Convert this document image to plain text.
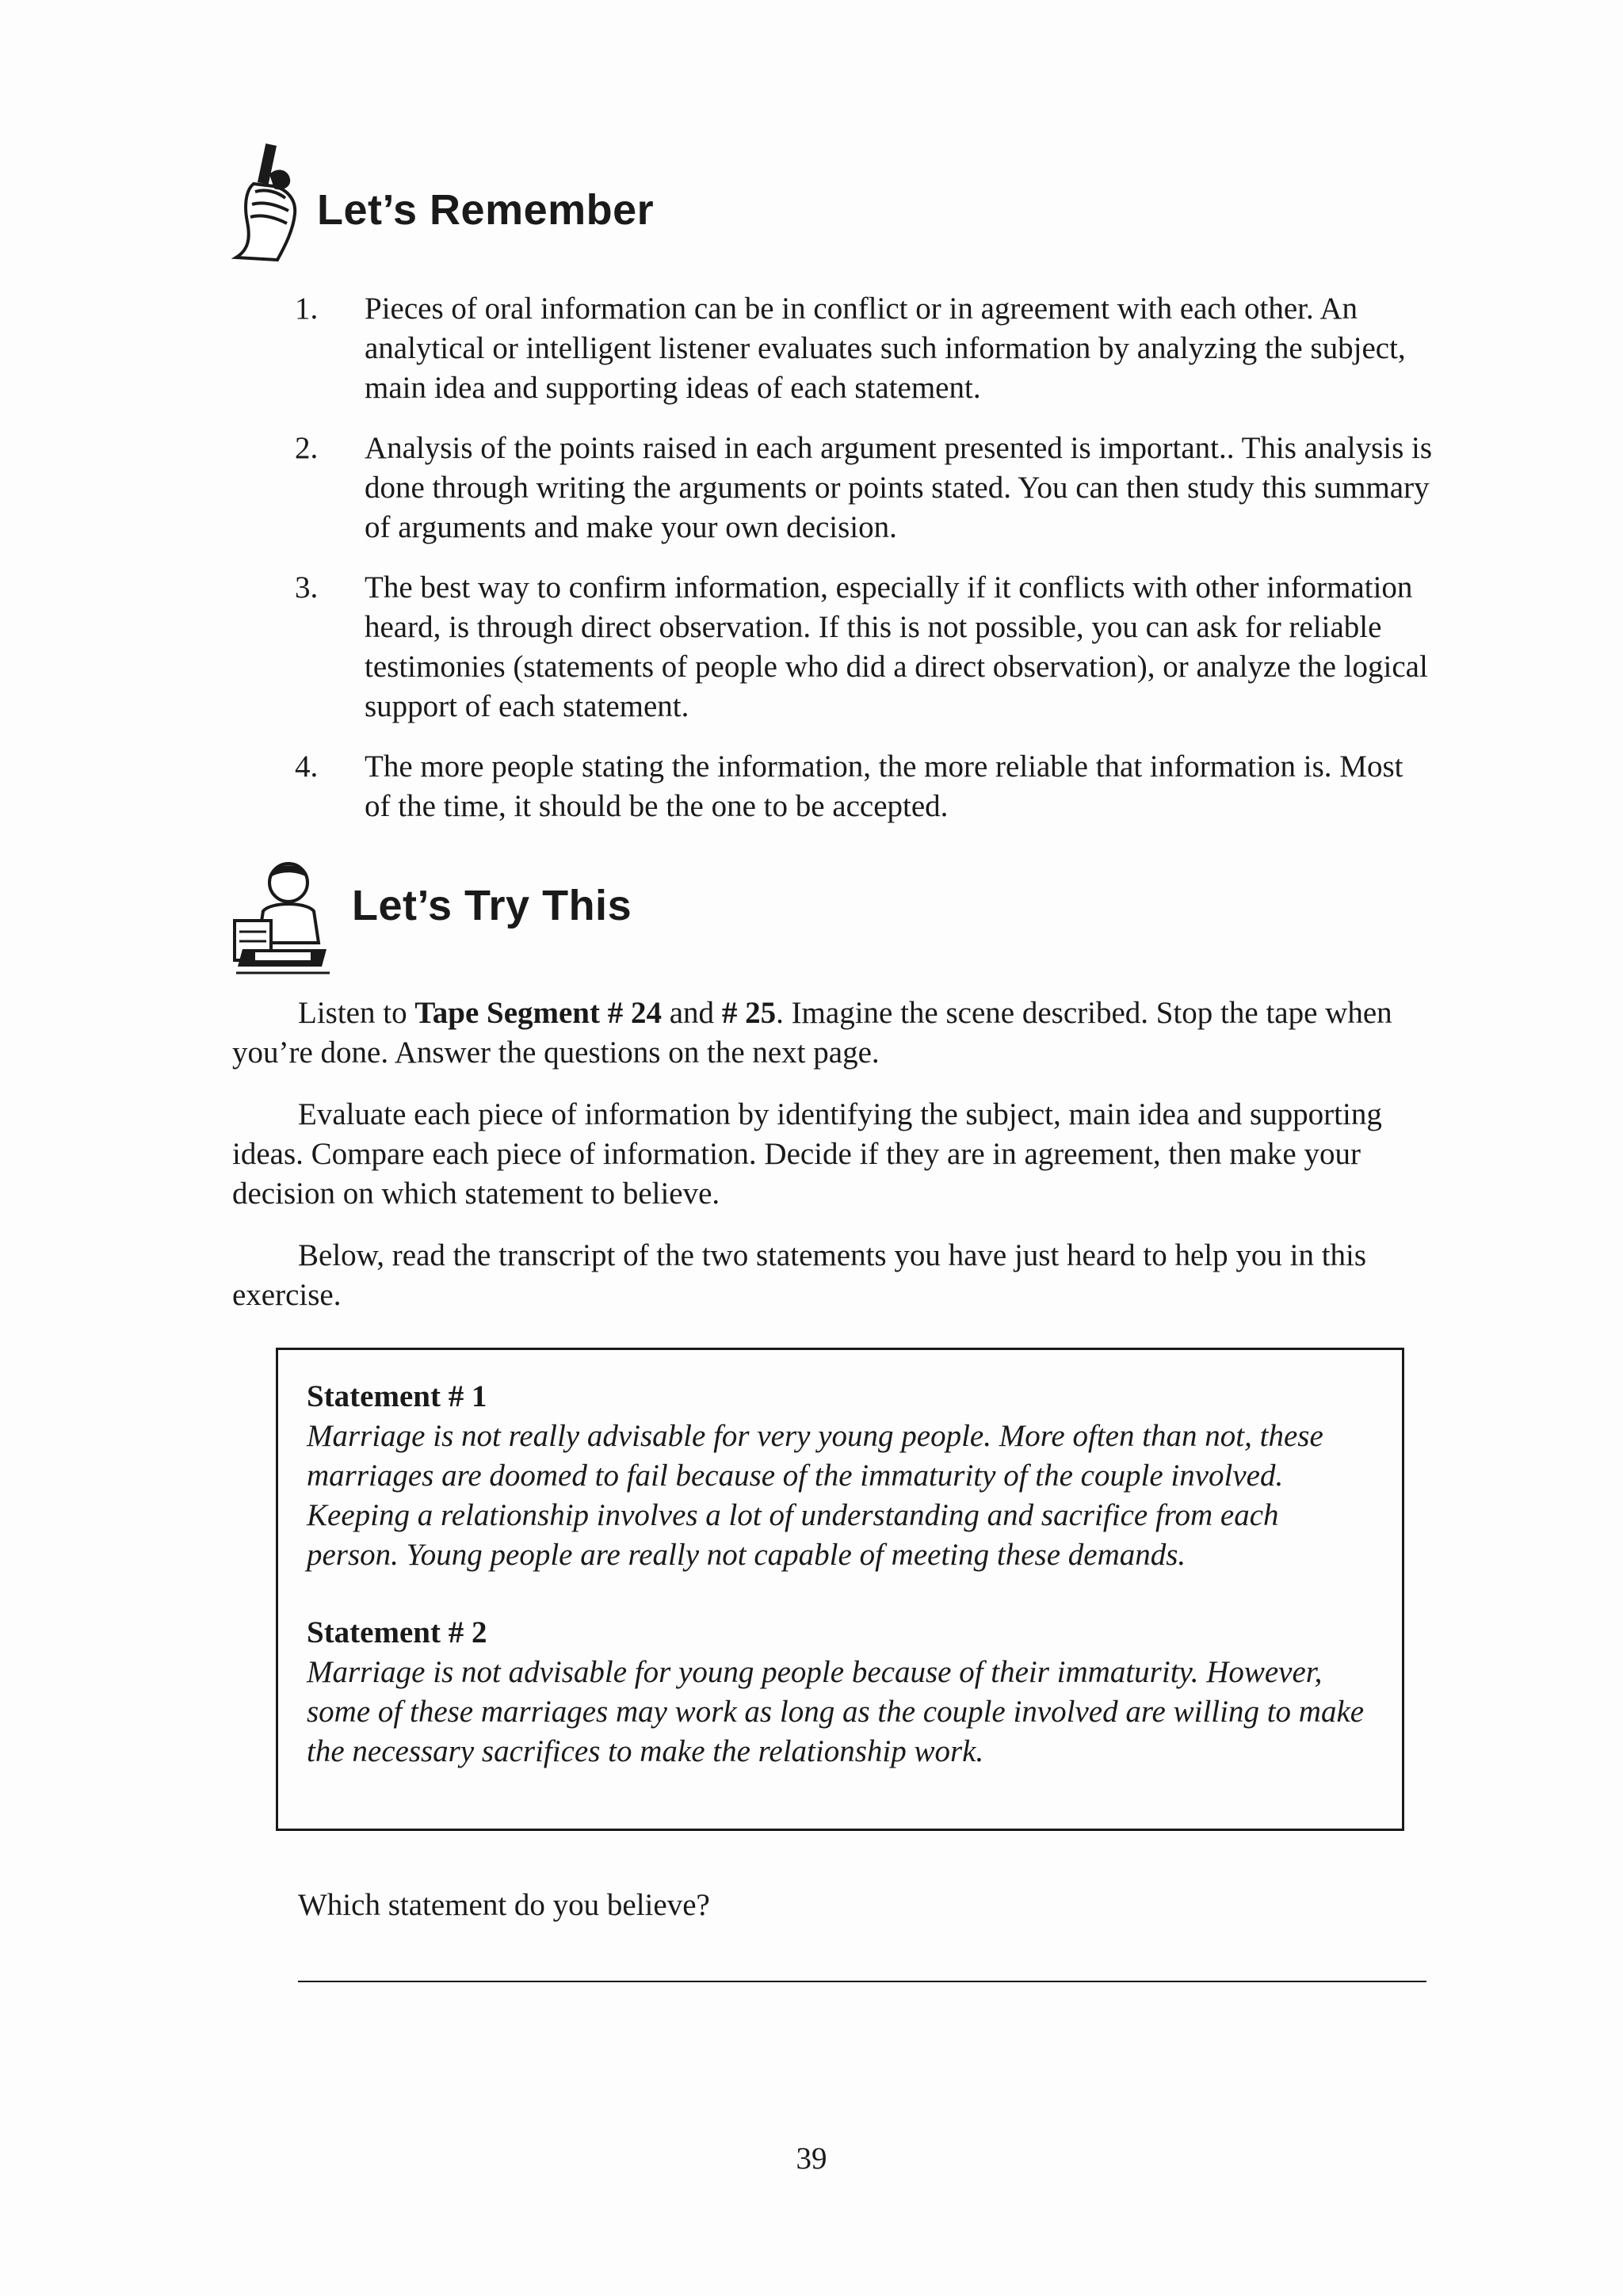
Let’s Remember
1. Pieces of oral information can be in conflict or in agreement with each other. An analytical or intelligent listener evaluates such information by analyzing the subject, main idea and supporting ideas of each statement.
2. Analysis of the points raised in each argument presented is important.. This analysis is done through writing the arguments or points stated. You can then study this summary of arguments and make your own decision.
3. The best way to confirm information, especially if it conflicts with other information heard, is through direct observation. If this is not possible, you can ask for reliable testimonies (statements of people who did a direct observation), or analyze the logical support of each statement.
4. The more people stating the information, the more reliable that information is. Most of the time, it should be the one to be accepted.
Let’s Try This

Listen to Tape Segment # 24 and # 25. Imagine the scene described. Stop the tape when you’re done. Answer the questions on the next page.

Evaluate each piece of information by identifying the subject, main idea and supporting ideas. Compare each piece of information. Decide if they are in agreement, then make your decision on which statement to believe.

Below, read the transcript of the two statements you have just heard to help you in this exercise.

Statement # 1
Marriage is not really advisable for very young people. More often than not, these marriages are doomed to fail because of the immaturity of the couple involved. Keeping a relationship involves a lot of understanding and sacrifice from each person. Young people are really not capable of meeting these demands.
Statement # 2
Marriage is not advisable for young people because of their immaturity. However, some of these marriages may work as long as the couple involved are willing to make the necessary sacrifices to make the relationship work.
Which statement do you believe?
39
